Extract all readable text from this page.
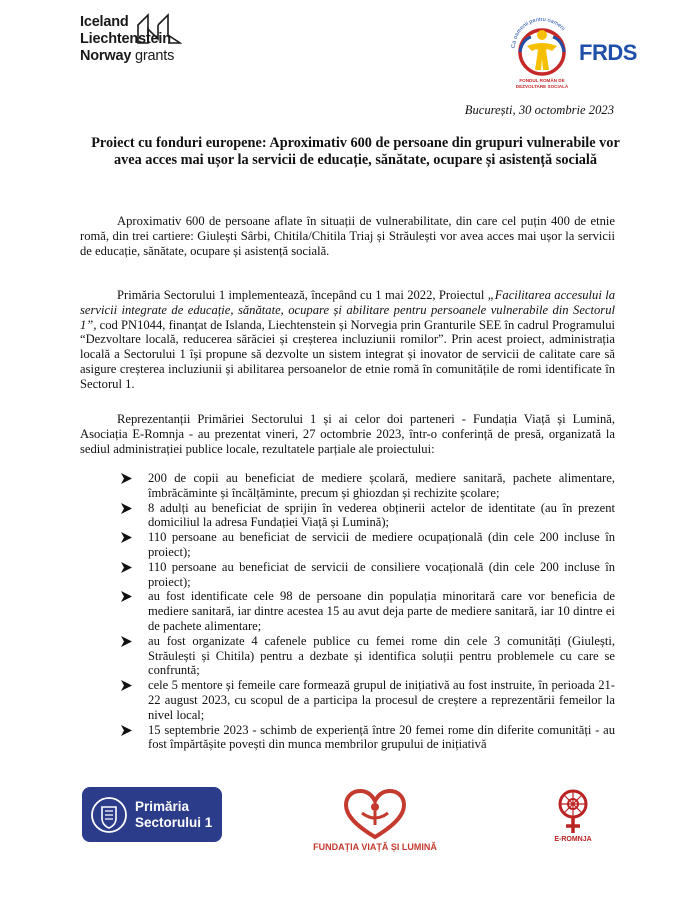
Iceland
Liechtenstein
Norway grants
Ca oamenii pentru oameni
FONDUL ROMÂN DE
DEZVOLTARE SOCIALĂ
FRDS
București, 30 octombrie 2023
Proiect cu fonduri europene: Aproximativ 600 de persoane din grupuri vulnerabile vor avea acces mai ușor la servicii de educație, sănătate, ocupare și asistență socială

Aproximativ 600 de persoane aflate în situații de vulnerabilitate, din care cel puțin 400 de etnie romă, din trei cartiere: Giulești Sârbi, Chitila/Chitila Triaj și Străulești vor avea acces mai ușor la servicii de educație, sănătate, ocupare și asistență socială.

Primăria Sectorului 1 implementează, începând cu 1 mai 2022, Proiectul „Facilitarea accesului la servicii integrate de educație, sănătate, ocupare și abilitare pentru persoanele vulnerabile din Sectorul 1”, cod PN1044, finanțat de Islanda, Liechtenstein și Norvegia prin Granturile SEE în cadrul Programului “Dezvoltare locală, reducerea sărăciei și creșterea incluziunii romilor”. Prin acest proiect, administrația locală a Sectorului 1 își propune să dezvolte un sistem integrat și inovator de servicii de calitate care să asigure creșterea incluziunii și abilitarea persoanelor de etnie romă în comunitățile de romi identificate în Sectorul 1.

Reprezentanții Primăriei Sectorului 1 și ai celor doi parteneri - Fundația Viață și Lumină, Asociația E-Romnja - au prezentat vineri, 27 octombrie 2023, într-o conferință de presă, organizată la sediul administrației publice locale, rezultatele parțiale ale proiectului:

200 de copii au beneficiat de mediere școlară, mediere sanitară, pachete alimentare, îmbrăcăminte și încălțăminte, precum și ghiozdan și rechizite școlare;
8 adulți au beneficiat de sprijin în vederea obținerii actelor de identitate (au în prezent domiciliul la adresa Fundației Viață și Lumină);
110 persoane au beneficiat de servicii de mediere ocupațională (din cele 200 incluse în proiect);
110 persoane au beneficiat de servicii de consiliere vocațională (din cele 200 incluse în proiect);
au fost identificate cele 98 de persoane din populația minoritară care vor beneficia de mediere sanitară, iar dintre acestea 15 au avut deja parte de mediere sanitară, iar 10 dintre ei de pachete alimentare;
au fost organizate 4 cafenele publice cu femei rome din cele 3 comunități (Giulești, Străulești și Chitila) pentru a dezbate și identifica soluții pentru problemele cu care se confruntă;
cele 5 mentore și femeile care formează grupul de inițiativă au fost instruite, în perioada 21-22 august 2023, cu scopul de a participa la procesul de creștere a reprezentării femeilor la nivel local;
15 septembrie 2023 - schimb de experiență între 20 femei rome din diferite comunități - au fost împărtășite povești din munca membrilor grupului de inițiativă
Primăria
Sectorului 1
FUNDAȚIA VIAȚĂ ȘI LUMINĂ
E-ROMNJA
